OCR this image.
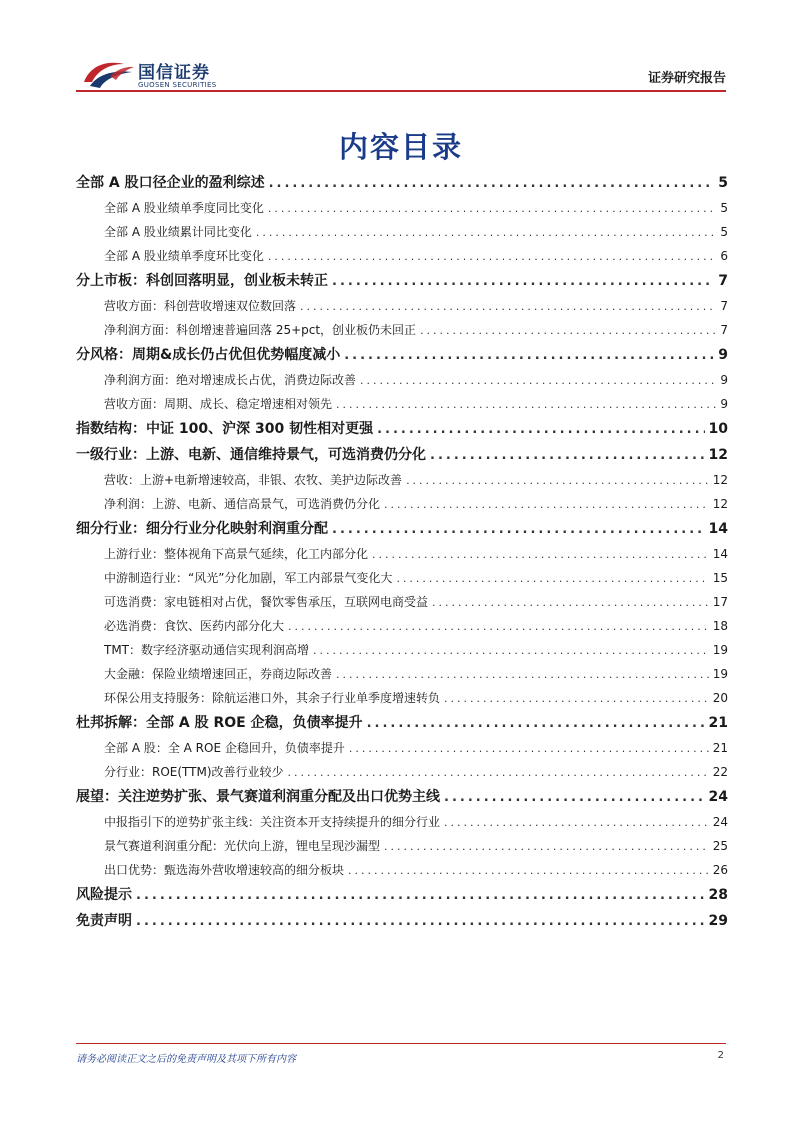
国信证券
GUOSEN SECURITIES	证券研究报告
内容目录
全部 A 股口径企业的盈利综述 .....	5
全部 A 股业绩单季度同比变化 .....	5
全部 A 股业绩累计同比变化 .....	5
全部 A 股业绩单季度环比变化 .....	6
分上市板：科创回落明显，创业板未转正 .....	7
营收方面：科创营收增速双位数回落 .....	7
净利润方面：科创增速普遍回落 25+pct，创业板仍未回正 .....	7
分风格：周期&成长仍占优但优势幅度减小 .....	9
净利润方面：绝对增速成长占优，消费边际改善 .....	9
营收方面：周期、成长、稳定增速相对领先 .....	9
指数结构：中证 100、沪深 300 韧性相对更强 .....	10
一级行业：上游、电新、通信维持景气，可选消费仍分化 .....	12
营收：上游+电新增速较高，非银、农牧、美护边际改善 .....	12
净利润：上游、电新、通信高景气，可选消费仍分化 .....	12
细分行业：细分行业分化映射利润重分配 .....	14
上游行业：整体视角下高景气延续，化工内部分化 .....	14
中游制造行业：“风光”分化加剧，军工内部景气变化大 .....	15
可选消费：家电链相对占优，餐饮零售承压，互联网电商受益 .....	17
必选消费：食饮、医药内部分化大 .....	18
TMT：数字经济驱动通信实现利润高增 .....	19
大金融：保险业绩增速回正，券商边际改善 .....	19
环保公用支持服务：除航运港口外，其余子行业单季度增速转负 .....	20
杜邦拆解：全部 A 股 ROE 企稳，负债率提升 .....	21
全部 A 股：全 A ROE 企稳回升，负债率提升 .....	21
分行业：ROE(TTM)改善行业较少 .....	22
展望：关注逆势扩张、景气赛道利润重分配及出口优势主线 .....	24
中报指引下的逆势扩张主线：关注资本开支持续提升的细分行业 .....	24
景气赛道利润重分配：光伏向上游，锂电呈现沙漏型 .....	25
出口优势：甄选海外营收增速较高的细分板块 .....	26
风险提示 .....	28
免责声明 .....	29
请务必阅读正文之后的免责声明及其项下所有内容	2
